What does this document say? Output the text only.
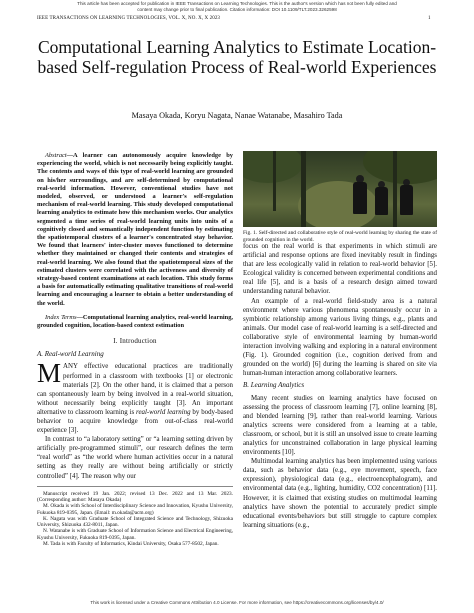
This article has been accepted for publication in IEEE Transactions on Learning Technologies. This is the author's version which has not been fully edited and
content may change prior to final publication. Citation information: DOI 10.1109/TLT.2023.3262598
IEEE TRANSACTIONS ON LEARNING TECHNOLOGIES, VOL. X, NO. X, X 2023	1
Computational Learning Analytics to Estimate Location-based Self-regulation Process of Real-world Experiences
Masaya Okada, Koryu Nagata, Nanae Watanabe, Masahiro Tada

Abstract—A learner can autonomously acquire knowledge by experiencing the world, which is not necessarily being explicitly taught. The contents and ways of this type of real-world learning are grounded on his/her surroundings, and are self-determined by computational real-world information. However, conventional studies have not modeled, observed, or understood a learner's self-regulation mechanism of real-world learning. This study developed computational learning analytics to estimate how this mechanism works. Our analytics segmented a time series of real-world learning units into units of a cognitively closed and semantically independent function by estimating the spatiotemporal clusters of a learner's concentrated stay behavior. We found that learners' inter-cluster moves functioned to determine whether they maintained or changed their contents and strategies of real-world learning. We also found that the spatiotemporal sizes of the estimated clusters were correlated with the activeness and diversity of strategy-based content examinations at each location. This study forms a basis for automatically estimating qualitative transitions of real-world learning and encouraging a learner to obtain a better understanding of the world.

Index Terms—Computational learning analytics, real-world learning, grounded cognition, location-based context estimation

I. Introduction
A. Real-world Learning

MANY effective educational practices are traditionally performed in a classroom with textbooks [1] or electronic materials [2]. On the other hand, it is claimed that a person can spontaneously learn by being involved in a real-world situation, without necessarily being explicitly taught [3]. An important alternative to classroom learning is real-world learning by body-based behavior to acquire knowledge from out-of-class real-world experience [3].

In contrast to “a laboratory setting” or “a learning setting driven by artificially pre-programmed stimuli”, our research defines the term “real world” as “the world where human activities occur in a natural setting as they really are without being artificially or strictly controlled” [4]. The reason why our

Manuscript received 19 Jan. 2022; revised 13 Dec. 2022 and 13 Mar. 2023. (Corresponding author: Masaya Okada)

M. Okada is with School of Interdisciplinary Science and Innovation, Kyushu University, Fukuoka 819-0395, Japan. (Email: m.okada@acm.org)

K. Nagata was with Graduate School of Integrated Science and Technology, Shizuoka University, Shizuoka 432-8011, Japan.

N. Watanabe is with Graduate School of Information Science and Electrical Engineering, Kyushu University, Fukuoka 819-0395, Japan.

M. Tada is with Faculty of Informatics, Kindai University, Osaka 577-8502, Japan.

Fig. 1. Self-directed and collaborative style of real-world learning by sharing the state of grounded cognition in the world.

focus on the real world is that experiments in which stimuli are artificial and response options are fixed inevitably result in findings that are less ecologically valid in relation to real-world behavior [5]. Ecological validity is concerned between experimental conditions and real life [5], and is a basis of a research design aimed toward understanding natural behavior.

An example of a real-world field-study area is a natural environment where various phenomena spontaneously occur in a symbiotic relationship among various living things, e.g., plants and animals. Our model case of real-world learning is a self-directed and collaborative style of environmental learning by human-world interaction involving walking and exploring in a natural environment (Fig. 1). Grounded cognition (i.e., cognition derived from and grounded on the world) [6] during the learning is shared on site via human-human interaction among collaborative learners.

B. Learning Analytics

Many recent studies on learning analytics have focused on assessing the process of classroom learning [7], online learning [8], and blended learning [9], rather than real-world learning. Various analytics screens were considered from a learning at a table, classroom, or school, but it is still an unsolved issue to create learning analytics for unconstrained collaboration in large physical learning environments [10].

Multimodal learning analytics has been implemented using various data, such as behavior data (e.g., eye movement, speech, face expression), physiological data (e.g., electroencephalogram), and environmental data (e.g., lighting, humidity, CO2 concentration) [11]. However, it is claimed that existing studies on multimodal learning analytics have shown the potential to accurately predict simple educational events/behaviors but still struggle to capture complex learning situations (e.g.,

This work is licensed under a Creative Commons Attribution 4.0 License. For more information, see https://creativecommons.org/licenses/by/4.0/
